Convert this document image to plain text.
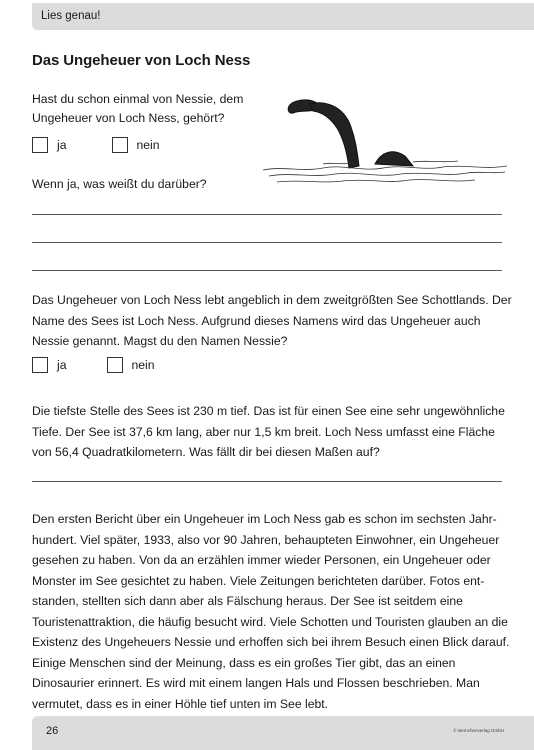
Lies genau!
Das Ungeheuer von Loch Ness
Hast du schon einmal von Nessie, dem Ungeheuer von Loch Ness, gehört?
ja	nein
Wenn ja, was weißt du darüber?
Das Ungeheuer von Loch Ness lebt angeblich in dem zweitgrößten See Schottlands. Der Name des Sees ist Loch Ness. Aufgrund dieses Namens wird das Ungeheuer auch Nessie genannt. Magst du den Namen Nessie?
ja	nein
Die tiefste Stelle des Sees ist 230 m tief. Das ist für einen See eine sehr ungewöhnliche Tiefe. Der See ist 37,6 km lang, aber nur 1,5 km breit. Loch Ness umfasst eine Fläche von 56,4 Quadratkilometern. Was fällt dir bei diesen Maßen auf?
Den ersten Bericht über ein Ungeheuer im Loch Ness gab es schon im sechsten Jahrhundert. Viel später, 1933, also vor 90 Jahren, behaupteten Einwohner, ein Ungeheuer gesehen zu haben. Von da an erzählen immer wieder Personen, ein Ungeheuer oder Monster im See gesichtet zu haben. Viele Zeitungen berichteten darüber. Fotos entstanden, stellten sich dann aber als Fälschung heraus. Der See ist seitdem eine Touristenattraktion, die häufig besucht wird. Viele Schotten und Touristen glauben an die Existenz des Ungeheuers Nessie und erhoffen sich bei ihrem Besuch einen Blick darauf. Einige Menschen sind der Meinung, dass es ein großes Tier gibt, das an einen Dinosaurier erinnert. Es wird mit einem langen Hals und Flossen beschrieben. Man vermutet, dass es in einer Höhle tief unten im See lebt.
26	© sternchenverlag GmbH
